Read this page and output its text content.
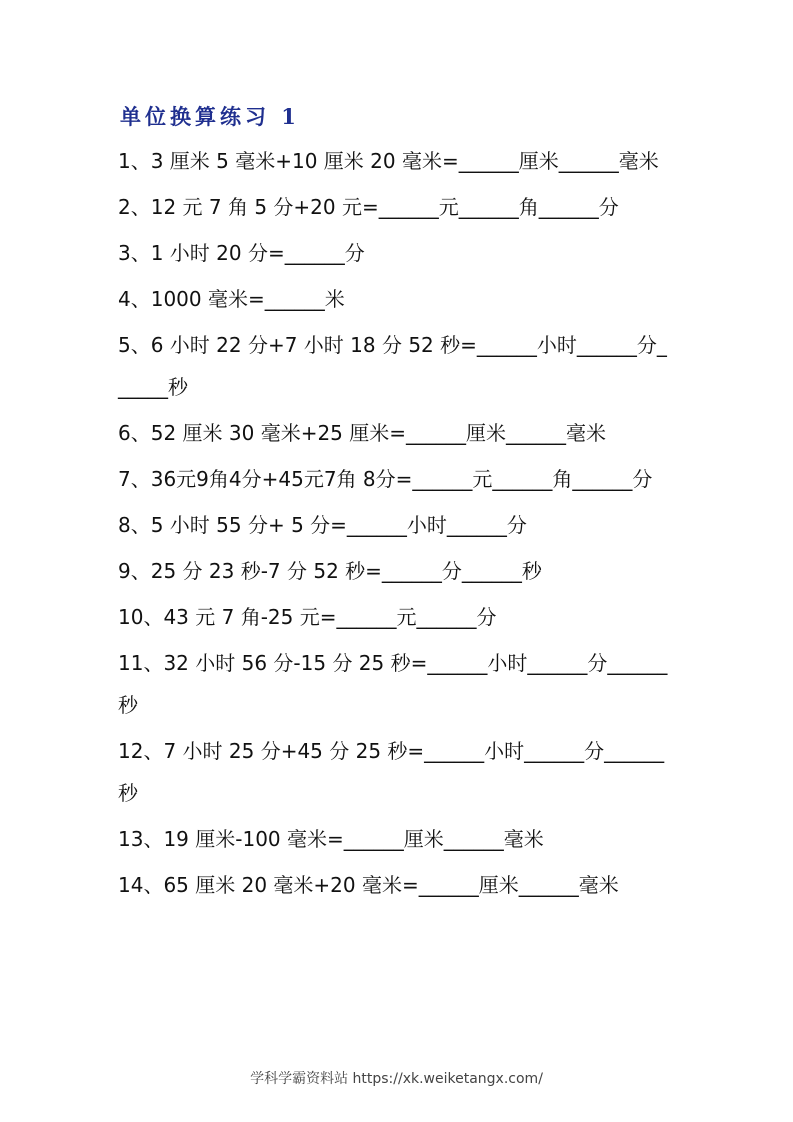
单位换算练习 1
1、3 厘米 5 毫米+10 厘米 20 毫米=______厘米______毫米
2、12 元 7 角 5 分+20 元=______元______角______分
3、1 小时 20 分=______分
4、1000 毫米=______米
5、6 小时 22 分+7 小时 18 分 52 秒=______小时______分______秒
6、52 厘米 30 毫米+25 厘米=______厘米______毫米
7、36元9角4分+45元7角 8分=______元______角______分
8、5 小时 55 分+ 5 分=______小时______分
9、25 分 23 秒-7 分 52 秒=______分______秒
10、43 元 7 角-25 元=______元______分
11、32 小时 56 分-15 分 25 秒=______小时______分______秒
12、7 小时 25 分+45 分 25 秒=______小时______分______秒
13、19 厘米-100 毫米=______厘米______毫米
14、65 厘米 20 毫米+20 毫米=______厘米______毫米
学科学霸资料站 https://xk.weiketangx.com/
